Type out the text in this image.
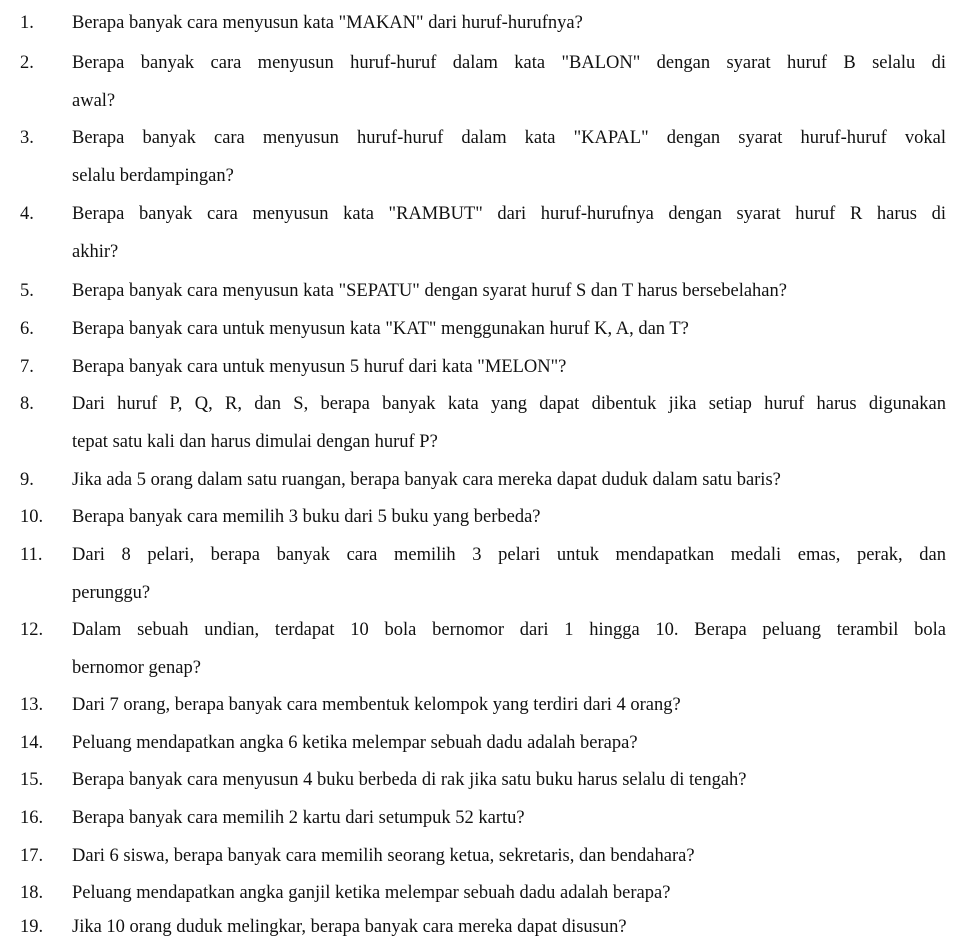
1. Berapa banyak cara menyusun kata "MAKAN" dari huruf-hurufnya?
2. Berapa banyak cara menyusun huruf-huruf dalam kata "BALON" dengan syarat huruf B selalu di
awal?
3. Berapa banyak cara menyusun huruf-huruf dalam kata "KAPAL" dengan syarat huruf-huruf vokal
selalu berdampingan?
4. Berapa banyak cara menyusun kata "RAMBUT" dari huruf-hurufnya dengan syarat huruf R harus di
akhir?
5. Berapa banyak cara menyusun kata "SEPATU" dengan syarat huruf S dan T harus bersebelahan?
6. Berapa banyak cara untuk menyusun kata "KAT" menggunakan huruf K, A, dan T?
7. Berapa banyak cara untuk menyusun 5 huruf dari kata "MELON"?
8. Dari huruf P, Q, R, dan S, berapa banyak kata yang dapat dibentuk jika setiap huruf harus digunakan
tepat satu kali dan harus dimulai dengan huruf P?
9. Jika ada 5 orang dalam satu ruangan, berapa banyak cara mereka dapat duduk dalam satu baris?
10. Berapa banyak cara memilih 3 buku dari 5 buku yang berbeda?
11. Dari 8 pelari, berapa banyak cara memilih 3 pelari untuk mendapatkan medali emas, perak, dan
perunggu?
12. Dalam sebuah undian, terdapat 10 bola bernomor dari 1 hingga 10. Berapa peluang terambil bola
bernomor genap?
13. Dari 7 orang, berapa banyak cara membentuk kelompok yang terdiri dari 4 orang?
14. Peluang mendapatkan angka 6 ketika melempar sebuah dadu adalah berapa?
15. Berapa banyak cara menyusun 4 buku berbeda di rak jika satu buku harus selalu di tengah?
16. Berapa banyak cara memilih 2 kartu dari setumpuk 52 kartu?
17. Dari 6 siswa, berapa banyak cara memilih seorang ketua, sekretaris, dan bendahara?
18. Peluang mendapatkan angka ganjil ketika melempar sebuah dadu adalah berapa?
19. Jika 10 orang duduk melingkar, berapa banyak cara mereka dapat disusun?
